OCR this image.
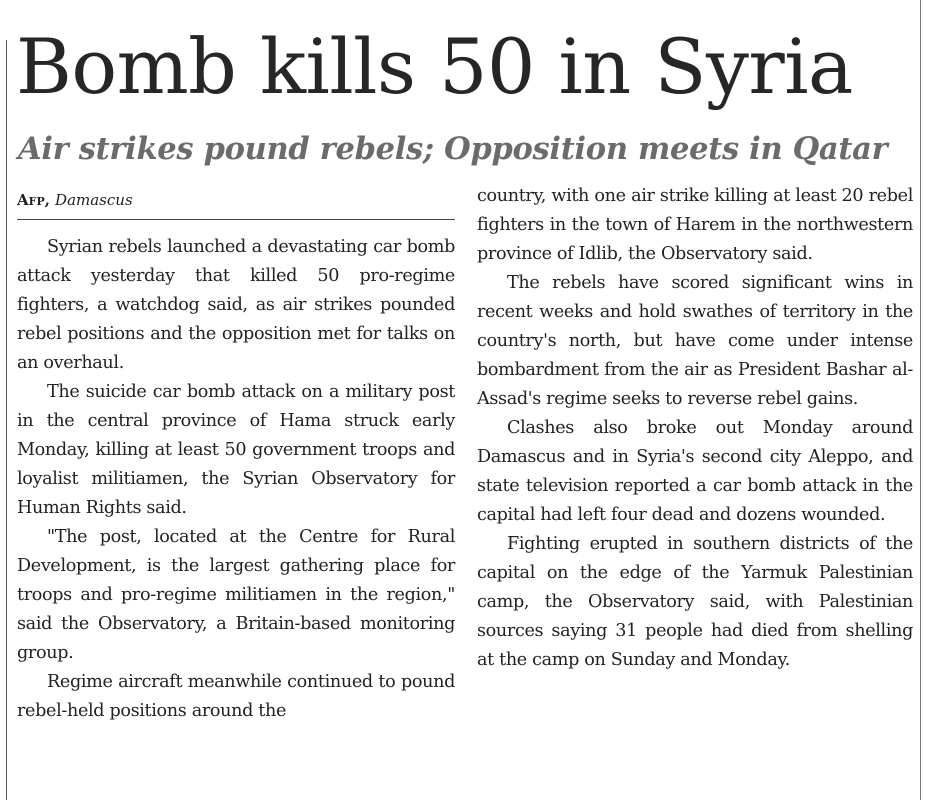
Bomb kills 50 in Syria
Air strikes pound rebels; Opposition meets in Qatar
Afp, Damascus

Syrian rebels launched a devastating car bomb attack yesterday that killed 50 pro-regime fighters, a watchdog said, as air strikes pounded rebel positions and the opposition met for talks on an overhaul.

The suicide car bomb attack on a military post in the central province of Hama struck early Monday, killing at least 50 government troops and loyalist militiamen, the Syrian Observatory for Human Rights said.

"The post, located at the Centre for Rural Development, is the largest gathering place for troops and pro-regime militiamen in the region," said the Observatory, a Britain-based monitoring group.

Regime aircraft meanwhile continued to pound rebel-held positions around the

country, with one air strike killing at least 20 rebel fighters in the town of Harem in the northwestern province of Idlib, the Observatory said.

The rebels have scored significant wins in recent weeks and hold swathes of territory in the country's north, but have come under intense bombardment from the air as President Bashar al-Assad's regime seeks to reverse rebel gains.

Clashes also broke out Monday around Damascus and in Syria's second city Aleppo, and state television reported a car bomb attack in the capital had left four dead and dozens wounded.

Fighting erupted in southern districts of the capital on the edge of the Yarmuk Palestinian camp, the Observatory said, with Palestinian sources saying 31 people had died from shelling at the camp on Sunday and Monday.
